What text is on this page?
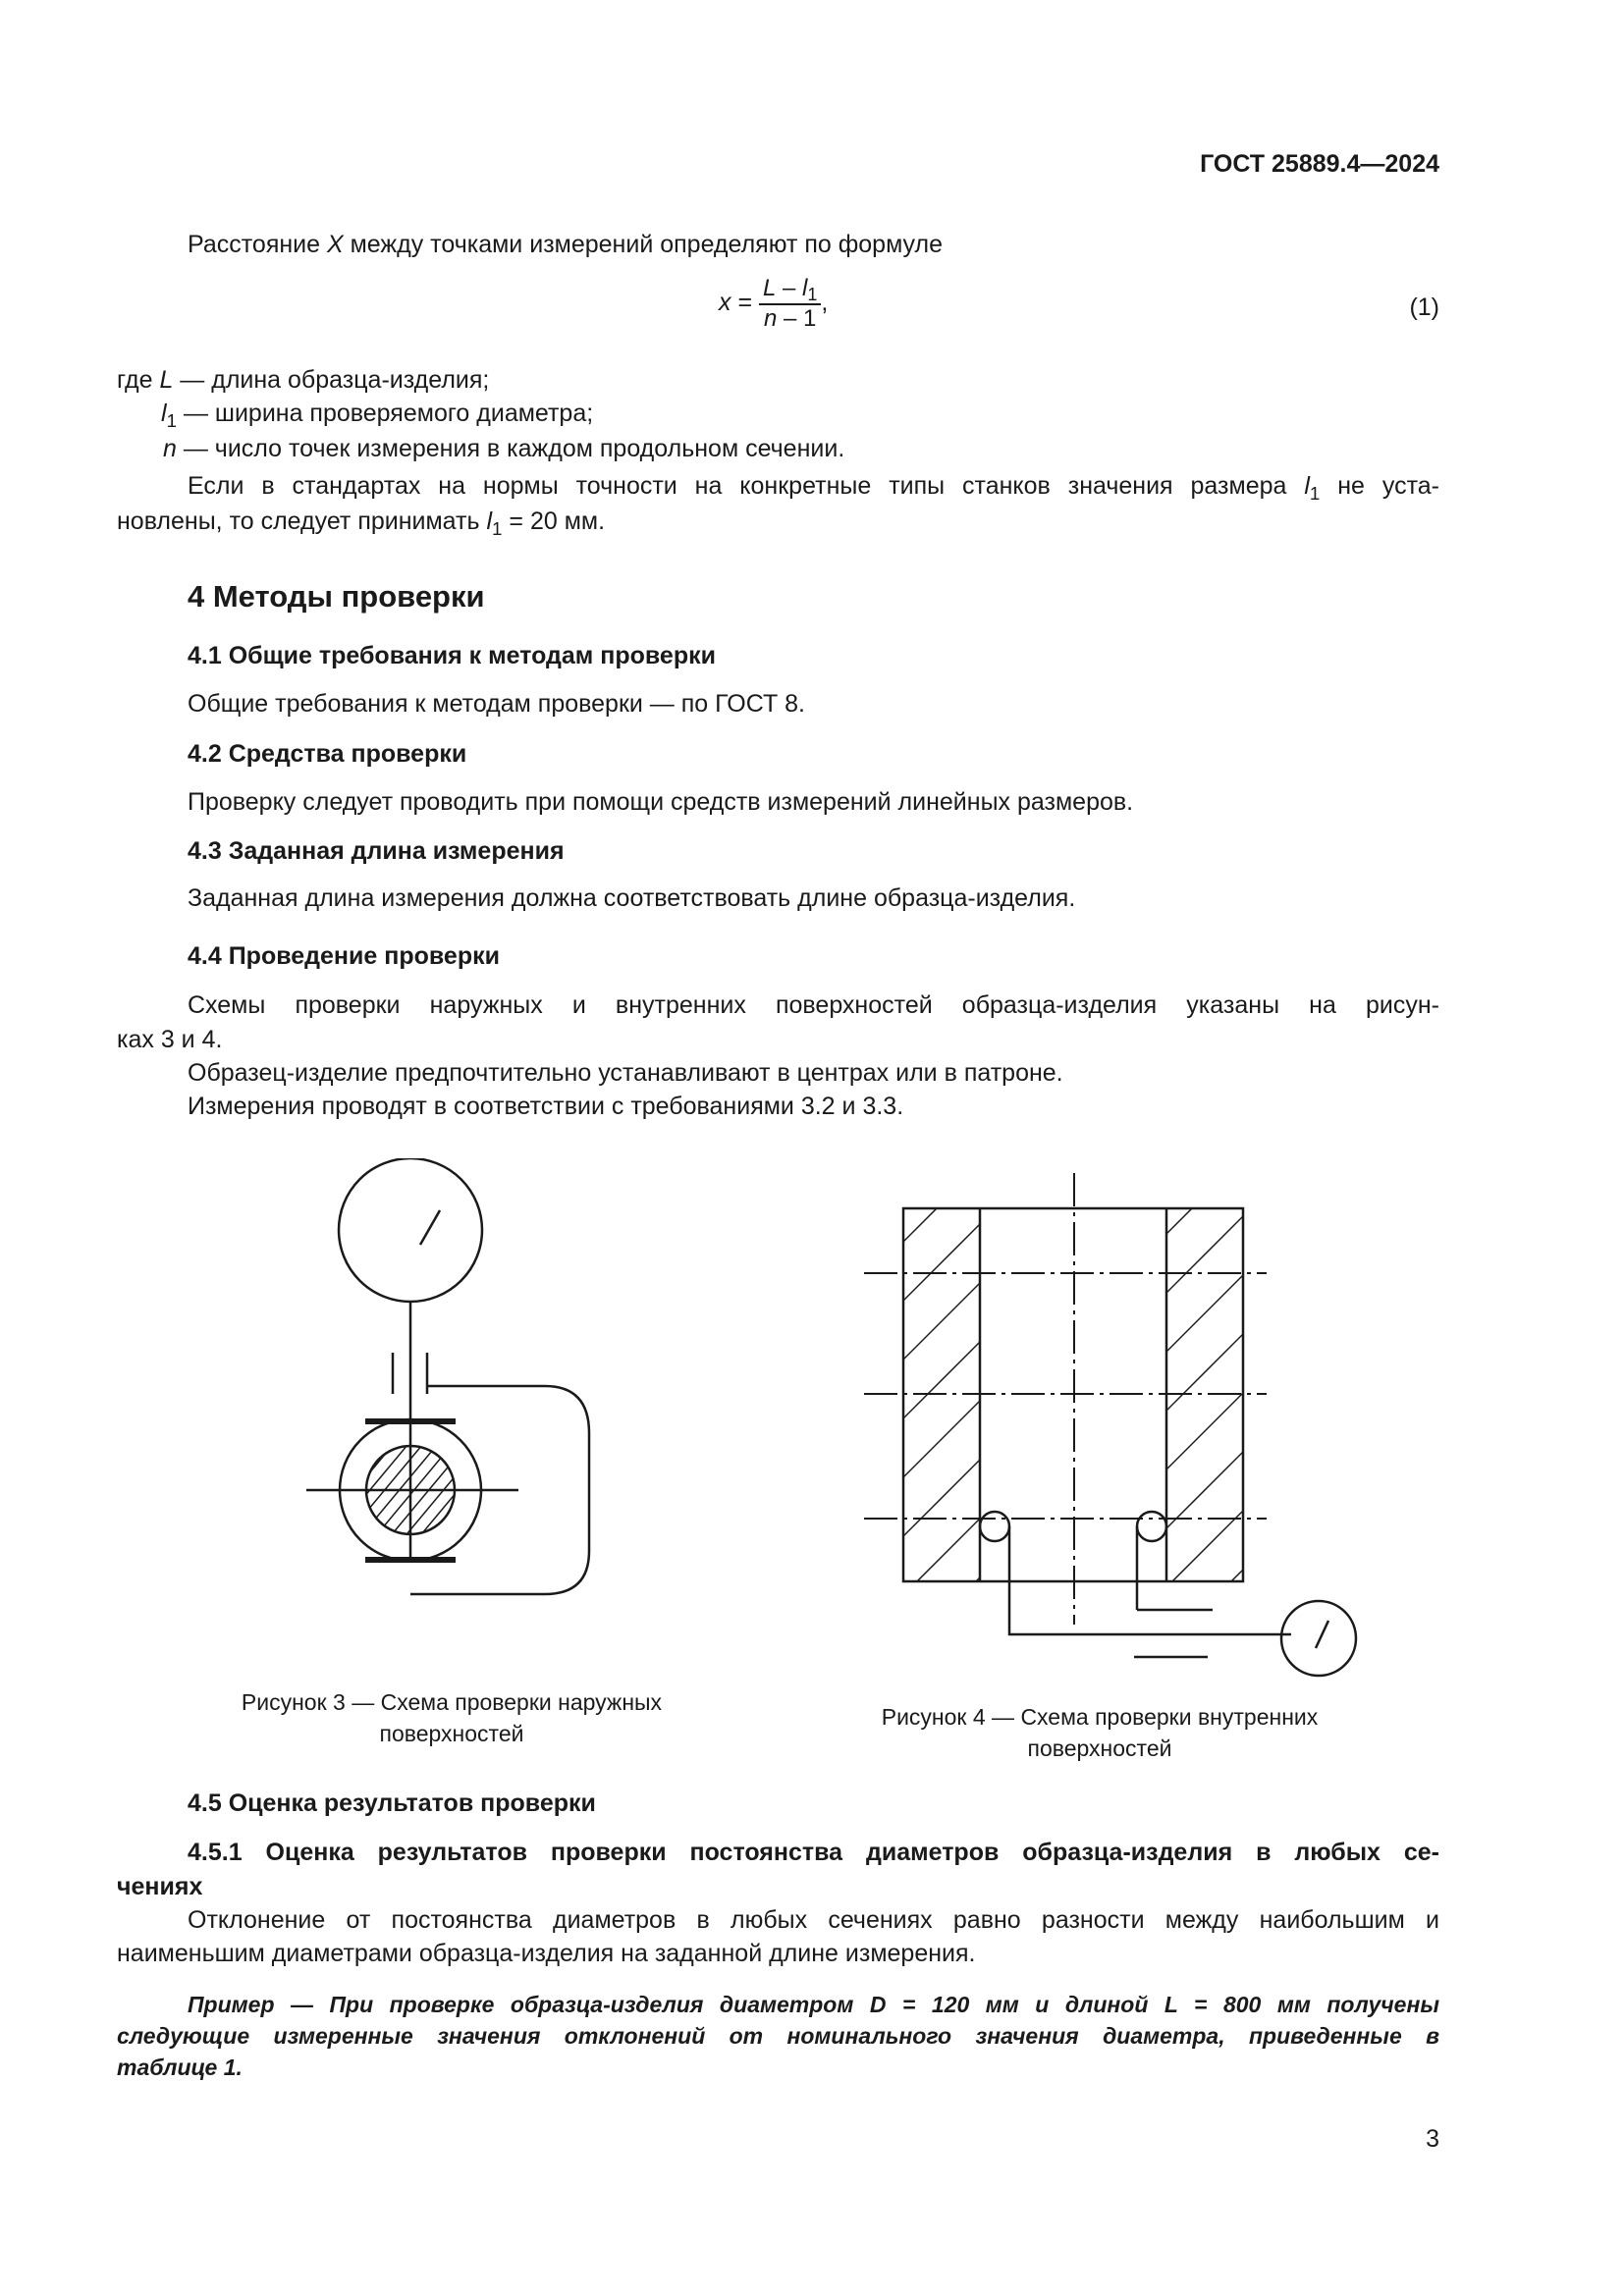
ГОСТ 25889.4—2024
Расстояние X между точками измерений определяют по формуле
$x = \frac{L - l_1}{n - 1}$ ,	(1)
где L — длина образца-изделия;
$l_1$ — ширина проверяемого диаметра;
n — число точек измерения в каждом продольном сечении.
Если в стандартах на нормы точности на конкретные типы станков значения размера $l_1$ не уста-
новлены, то следует принимать $l_1 = 20$ мм.
4 Методы проверки
4.1 Общие требования к методам проверки
Общие требования к методам проверки — по ГОСТ 8.
4.2 Средства проверки
Проверку следует проводить при помощи средств измерений линейных размеров.
4.3 Заданная длина измерения
Заданная длина измерения должна соответствовать длине образца-изделия.
4.4 Проведение проверки
Схемы проверки наружных и внутренних поверхностей образца-изделия указаны на рисун-
ках 3 и 4.
Образец-изделие предпочтительно устанавливают в центрах или в патроне.
Измерения проводят в соответствии с требованиями 3.2 и 3.3.
Рисунок 3 — Схема проверки наружных
поверхностей
Рисунок 4 — Схема проверки внутренних
поверхностей
4.5 Оценка результатов проверки
4.5.1 Оценка результатов проверки постоянства диаметров образца-изделия в любых се-
чениях
Отклонение от постоянства диаметров в любых сечениях равно разности между наибольшим и
наименьшим диаметрами образца-изделия на заданной длине измерения.
Пример — При проверке образца-изделия диаметром D = 120 мм и длиной L = 800 мм получены
следующие измеренные значения отклонений от номинального значения диаметра, приведенные в
таблице 1.
3
